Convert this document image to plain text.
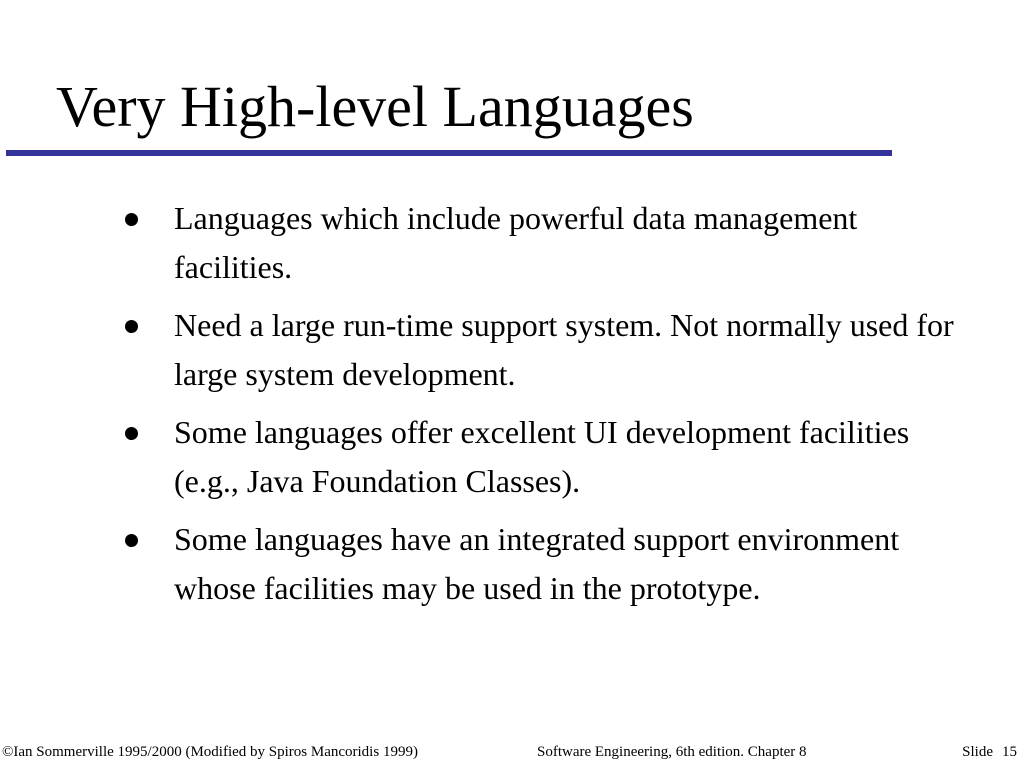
Very High-level Languages
Languages which include powerful data management facilities.
Need a large run-time support system. Not normally used for large system development.
Some languages offer excellent UI development facilities (e.g., Java Foundation Classes).
Some languages have an integrated support environment whose facilities may be used in the prototype.
©Ian Sommerville 1995/2000 (Modified by Spiros Mancoridis 1999)	Software Engineering, 6th edition. Chapter 8	Slide 15
